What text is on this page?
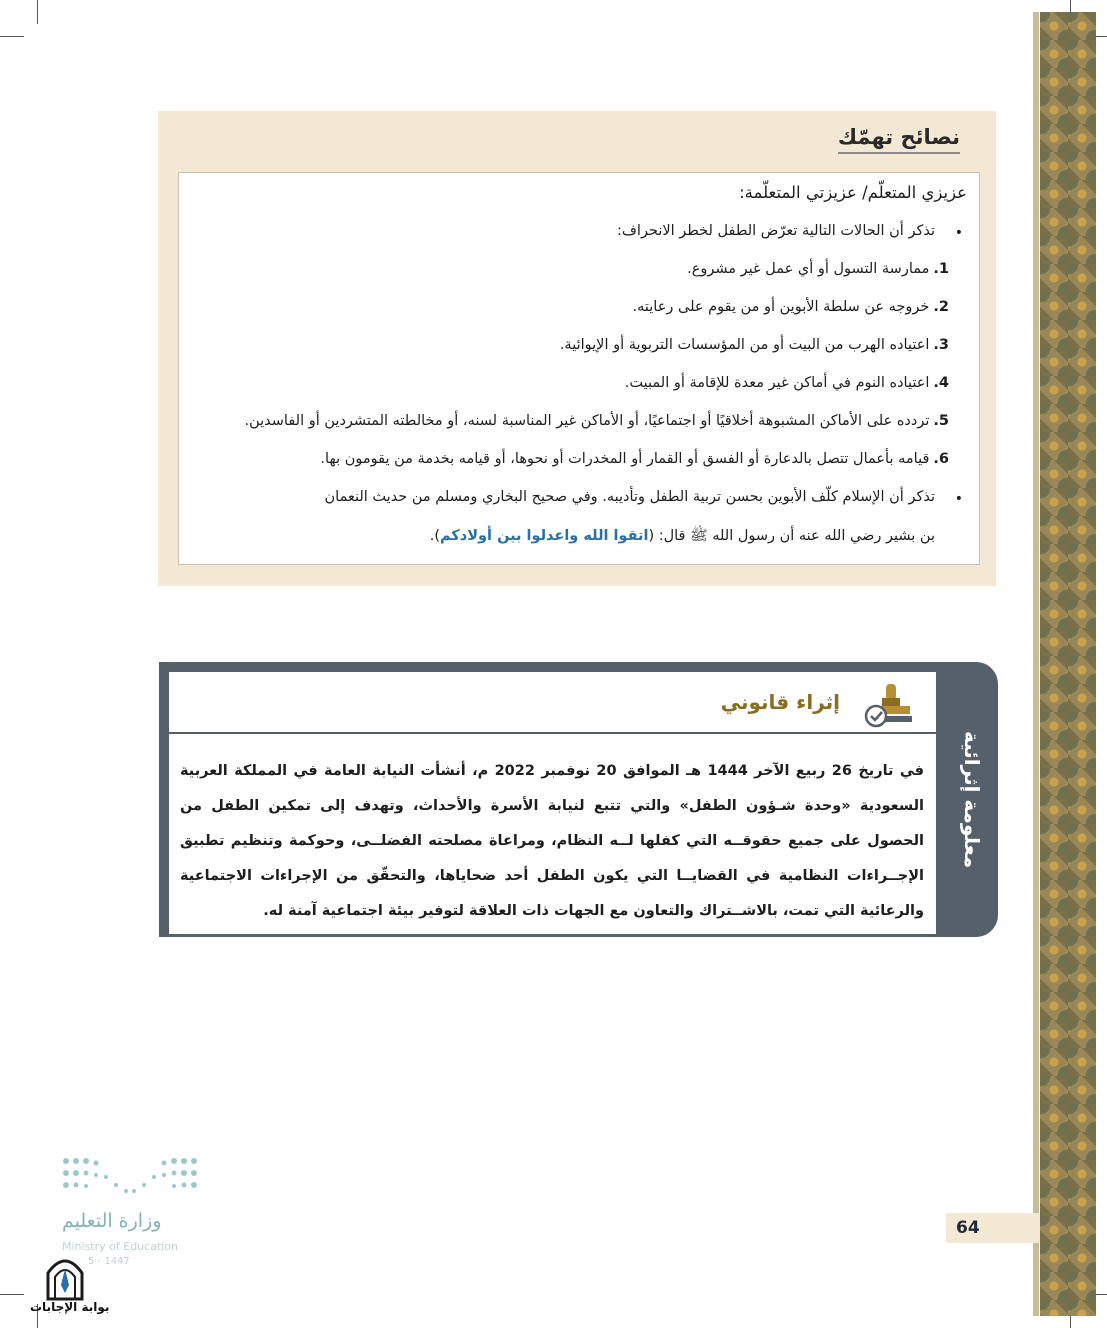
نصائح تهمّك
عزيزي المتعلّم/ عزيزتي المتعلّمة:
•
تذكر أن الحالات التالية تعرّض الطفل لخطر الانحراف:
1.ممارسة التسول أو أي عمل غير مشروع.
2.خروجه عن سلطة الأبوين أو من يقوم على رعايته.
3.اعتياده الهرب من البيت أو من المؤسسات التربوية أو الإيوائية.
4.اعتياده النوم في أماكن غير معدة للإقامة أو المبيت.
5.تردده على الأماكن المشبوهة أخلاقيًا أو اجتماعيًا، أو الأماكن غير المناسبة لسنه، أو مخالطته المتشردين أو الفاسدين.
6.قيامه بأعمال تتصل بالدعارة أو الفسق أو القمار أو المخدرات أو نحوها، أو قيامه بخدمة من يقومون بها.
•
تذكر أن الإسلام كلّف الأبوين بحسن تربية الطفل وتأديبه. وفي صحيح البخاري ومسلم من حديث النعمان
بن بشير رضي الله عنه أن رسول الله ﷺ قال: (اتقوا الله واعدلوا بين أولادكم).
إثراء قانوني
في تاريخ 26 ربيع الآخر 1444 هـ الموافق 20 نوفمبر 2022 م، أنشأت النيابة العامة في المملكة العربية السعودية «وحدة شـؤون الطفل» والتي تتبع لنيابة الأسرة والأحداث، وتهدف إلى تمكين الطفل من الحصول على جميع حقوقــه التي كفلها لــه النظام، ومراعاة مصلحته الفضلــى، وحوكمة وتنظيم تطبيق الإجــراءات النظامية في القضايــا التي يكون الطفل أحد ضحاياها، والتحقّق من الإجراءات الاجتماعية والرعائية التي تمت، بالاشــتراك والتعاون مع الجهات ذات العلاقة لتوفير بيئة اجتماعية آمنة له.
معلومة إثرائية
64
وزارة التعليم
Ministry of Education
5 - 1447
بوابة الإجابات
